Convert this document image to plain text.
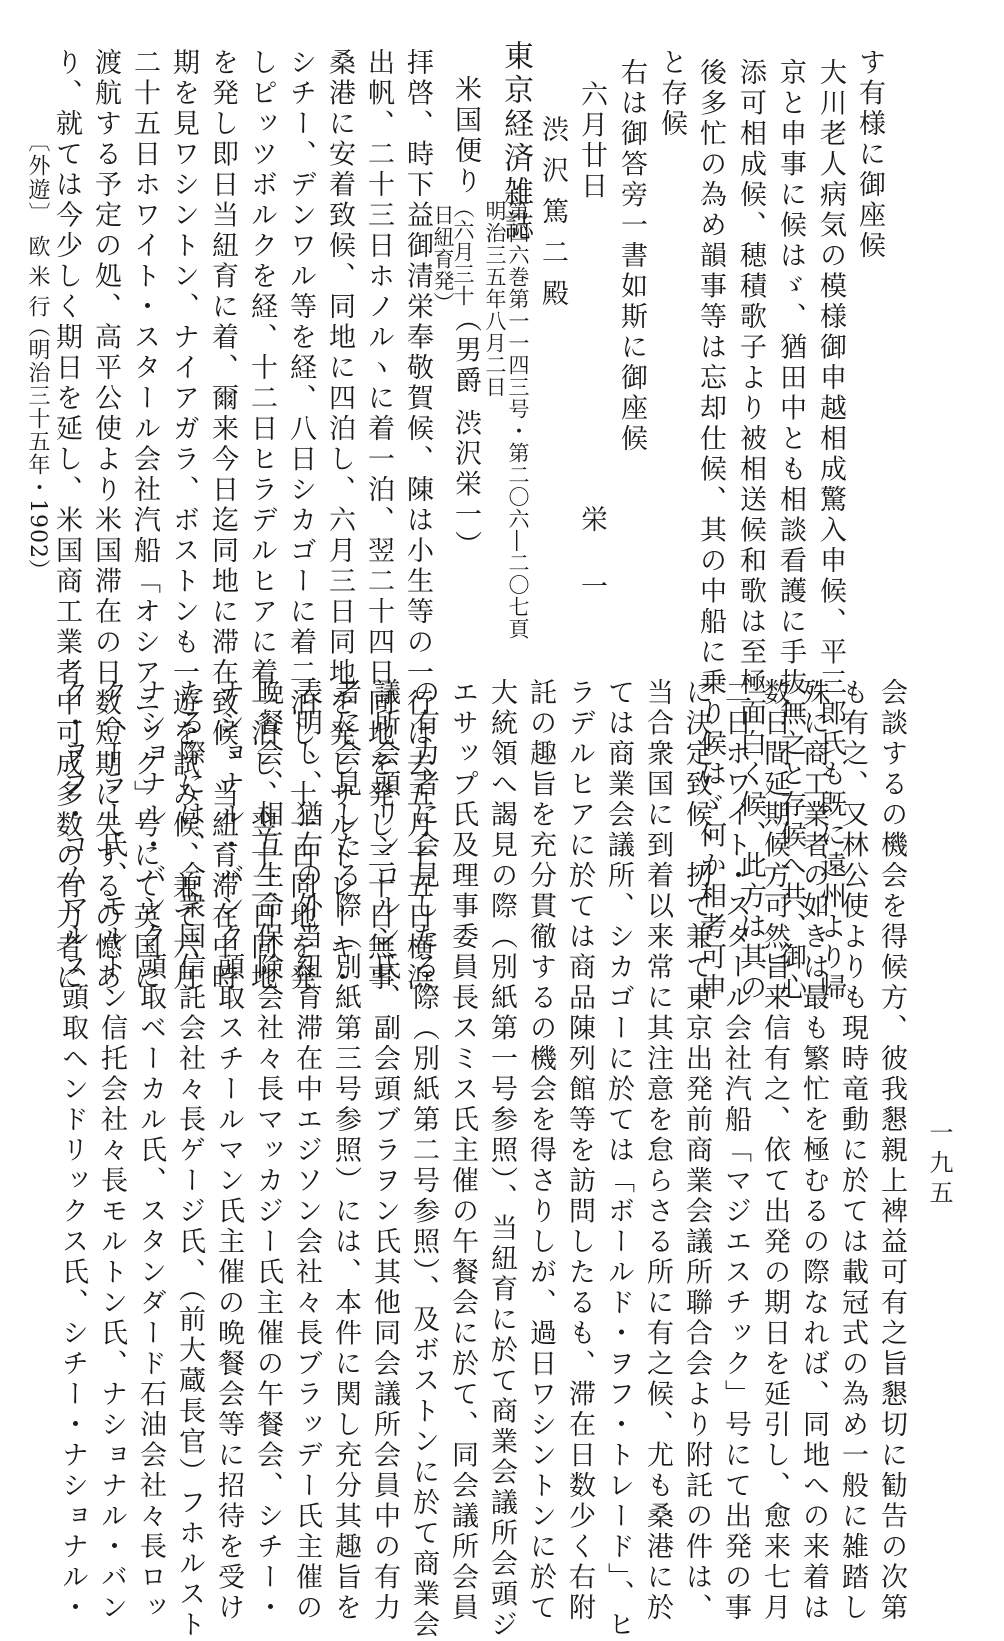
す有様に御座候
大川老人病気の模様御申越相成驚入申候、平三郎氏も既に遠州より帰
京と申事に候はゞ、猶田中とも相談看護に手抜無之と存候へ共、御心
添可相成候、穂積歌子より被相送候和歌は至極面白く候、此方は其の
後多忙の為め韻事等は忘却仕候、其の中船に乗り候はゞ何か相考可申
と存候
右は御答旁一書如斯に御座候
六月廿日
栄一
渋沢篤二殿
東京経済雑誌
第四六巻第一一四三号・第二〇六―二〇七頁
明治三五年八月二日
米国便り
（六月三十
日紐育発）
（男爵 渋沢栄一）
拝啓、時下益御清栄奉敬賀候、陳は小生等の一行は去五月十五日横浜
出帆、二十三日ホノルヽに着一泊、翌二十四日同地を発し三十日無事
桑港に安着致候、同地に四泊し、六月三日同地を発しサルトレーキ・
シチー、デンワル等を経、八日シカゴーに着二泊し、十一日同地を発
しピッツボルクを経、十二日ヒラデルヒアに着一泊し、翌十三日同地
を発し即日当紐育に着、爾来今日迄同地に滞在致候、当紐育滞在中時
期を見ワシントン、ナイアガラ、ボストンも一遊を試み候、兼て六月
二十五日ホワイト・スタール会社汽船「オシアニック」号にて英国に
渡航する予定の処、高平公使より米国滞在の日数短期に失するの憾あ
り、就ては今少しく期日を延し、米国商工業者中可成多数の有力者に
〔外遊〕
欧米行
（明治三十五年・1902）
会談するの機会を得候方、彼我懇親上裨益可有之旨懇切に勧告の次第
も有之、又林公使よりも現時竜動に於ては載冠式の為め一般に雑踏し
殊に商工業者の如きは最も繁忙を極むるの際なれば、同地への来着は
数日間延期候方可然旨来信有之、依て出発の期日を延引し、愈来七月
二日ホワイト・スタール会社汽船「マジエスチック」号にて出発の事
に決定致候、扨て兼て東京出発前商業会議所聯合会より附託の件は、
当合衆国に到着以来常に其注意を怠らさる所に有之候、尤も桑港に於
ては商業会議所、シカゴーに於ては「ボールド・ヲフ・トレード」、ヒ
ラデルヒアに於ては商品陳列館等を訪問したるも、滞在日数少く右附
託の趣旨を充分貫徹するの機会を得さりしが、過日ワシントンに於て
大統領へ謁見の際（別紙第一号参照）、当紐育に於て商業会議所会頭ジ
エサップ氏及理事委員長スミス氏主催の午餐会に於て、同会議所会員
の有力者に会見したる際（別紙第二号参照）、及ボストンに於て商業会
議所会頭リンコルン氏、副会頭ブラヲン氏其他同会議所会員中の有力
者に会見したる際（別紙第三号参照）には、本件に関し充分其趣旨を
表明し、猶右の外当紐育滞在中エジソン会社々長ブラッデー氏主催の
晩餐会、相互生命保険会社々長マッカジー氏主催の午餐会、シチー・
ナショナル・バンク頭取スチールマン氏主催の晩餐会等に招待を受け
たる際には、合衆国信託会社々長ゲージ氏、（前大蔵長官）フホルスト
ナショナル・バンク頭取ベーカル氏、スタンダード石油会社々長ロッ
クヘーラー氏、モルトン信托会社々長モルトン氏、ナショナル・バン
ク・ヲフ・コムマルス頭取ヘンドリックス氏、シチー・ナショナル・	一九五
